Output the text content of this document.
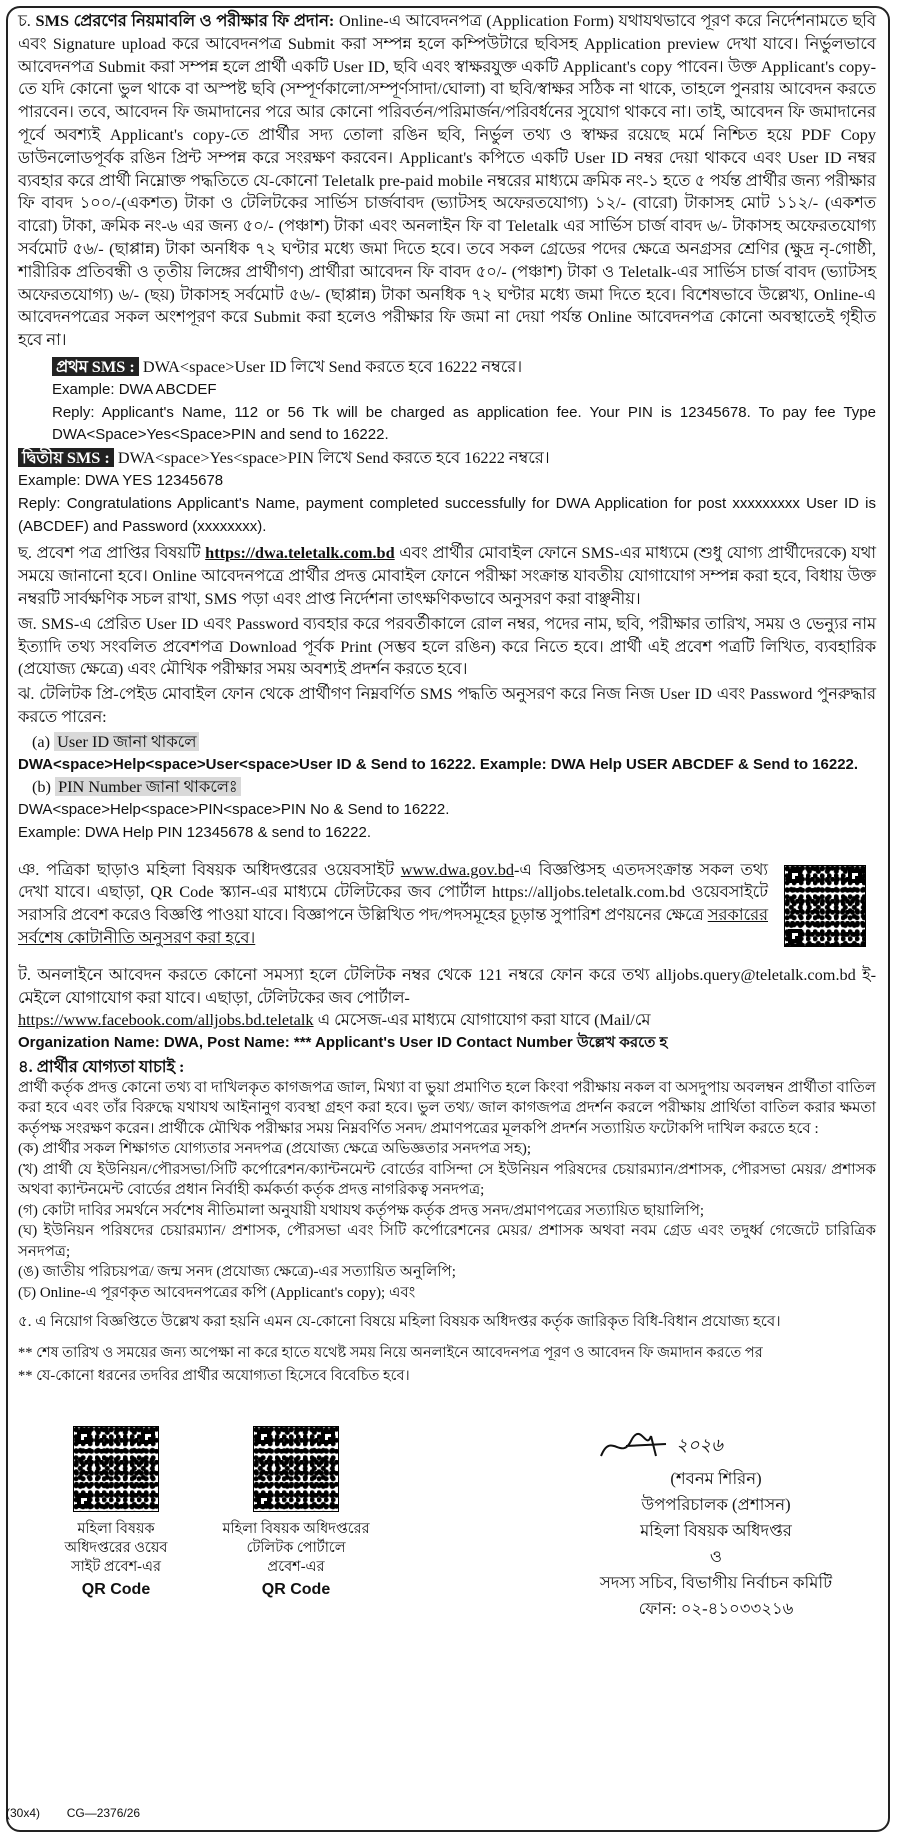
চ. SMS প্রেরণের নিয়মাবলি ও পরীক্ষার ফি প্রদান: Online-এ আবেদনপত্র (Application Form) যথাযথভাবে পূরণ করে নির্দেশনামতে ছবি এবং Signature upload করে আবেদনপত্র Submit করা সম্পন্ন হলে কম্পিউটারে ছবিসহ Application preview দেখা যাবে। নির্ভুলভাবে আবেদনপত্র Submit করা সম্পন্ন হলে প্রার্থী একটি User ID, ছবি এবং স্বাক্ষরযুক্ত একটি Applicant's copy পাবেন। উক্ত Applicant's copy-তে যদি কোনো ভুল থাকে বা অস্পষ্ট ছবি (সম্পূর্ণকালো/সম্পূর্ণসাদা/ঘোলা) বা ছবি/স্বাক্ষর সঠিক না থাকে, তাহলে পুনরায় আবেদন করতে পারবেন। তবে, আবেদন ফি জমাদানের পরে আর কোনো পরিবর্তন/পরিমার্জন/পরিবর্ধনের সুযোগ থাকবে না। তাই, আবেদন ফি জমাদানের পূর্বে অবশ্যই Applicant's copy-তে প্রার্থীর সদ্য তোলা রঙিন ছবি, নির্ভুল তথ্য ও স্বাক্ষর রয়েছে মর্মে নিশ্চিত হয়ে PDF Copy ডাউনলোডপূর্বক রঙিন প্রিন্ট সম্পন্ন করে সংরক্ষণ করবেন। Applicant's কপিতে একটি User ID নম্বর দেয়া থাকবে এবং User ID নম্বর ব্যবহার করে প্রার্থী নিম্নোক্ত পদ্ধতিতে যে-কোনো Teletalk pre-paid mobile নম্বরের মাধ্যমে ক্রমিক নং-১ হতে ৫ পর্যন্ত প্রার্থীর জন্য পরীক্ষার ফি বাবদ ১০০/-(একশত) টাকা ও টেলিটকের সার্ভিস চার্জবাবদ (ভ্যাটসহ অফেরতযোগ্য) ১২/- (বারো) টাকাসহ মোট ১১২/- (একশত বারো) টাকা, ক্রমিক নং-৬ এর জন্য ৫০/- (পঞ্চাশ) টাকা এবং অনলাইন ফি বা Teletalk এর সার্ভিস চার্জ বাবদ ৬/- টাকাসহ অফেরতযোগ্য সর্বমোট ৫৬/- (ছাপ্পান্ন) টাকা অনধিক ৭২ ঘণ্টার মধ্যে জমা দিতে হবে। তবে সকল গ্রেডের পদের ক্ষেত্রে অনগ্রসর শ্রেণির (ক্ষুদ্র নৃ-গোষ্ঠী, শারীরিক প্রতিবন্ধী ও তৃতীয় লিঙ্গের প্রার্থীগণ) প্রার্থীরা আবেদন ফি বাবদ ৫০/- (পঞ্চাশ) টাকা ও Teletalk-এর সার্ভিস চার্জ বাবদ (ভ্যাটসহ অফেরতযোগ্য) ৬/- (ছয়) টাকাসহ সর্বমোট ৫৬/- (ছাপ্পান্ন) টাকা অনধিক ৭২ ঘণ্টার মধ্যে জমা দিতে হবে। বিশেষভাবে উল্লেখ্য, Online-এ আবেদনপত্রের সকল অংশপূরণ করে Submit করা হলেও পরীক্ষার ফি জমা না দেয়া পর্যন্ত Online আবেদনপত্র কোনো অবস্থাতেই গৃহীত হবে না।

প্রথম SMS : DWA<space>User ID লিখে Send করতে হবে 16222 নম্বরে।

Example: DWA ABCDEF

Reply: Applicant's Name, 112 or 56 Tk will be charged as application fee. Your PIN is 12345678. To pay fee Type DWA<Space>Yes<Space>PIN and send to 16222.

দ্বিতীয় SMS : DWA<space>Yes<space>PIN লিখে Send করতে হবে 16222 নম্বরে।

Example: DWA YES 12345678

Reply: Congratulations Applicant's Name, payment completed successfully for DWA Application for post xxxxxxxxx User ID is (ABCDEF) and Password (xxxxxxxx).

ছ. প্রবেশ পত্র প্রাপ্তির বিষয়টি https://dwa.teletalk.com.bd এবং প্রার্থীর মোবাইল ফোনে SMS-এর মাধ্যমে (শুধু যোগ্য প্রার্থীদেরকে) যথা সময়ে জানানো হবে। Online আবেদনপত্রে প্রার্থীর প্রদত্ত মোবাইল ফোনে পরীক্ষা সংক্রান্ত যাবতীয় যোগাযোগ সম্পন্ন করা হবে, বিধায় উক্ত নম্বরটি সার্বক্ষণিক সচল রাখা, SMS পড়া এবং প্রাপ্ত নির্দেশনা তাৎক্ষণিকভাবে অনুসরণ করা বাঞ্ছনীয়।

জ. SMS-এ প্রেরিত User ID এবং Password ব্যবহার করে পরবর্তীকালে রোল নম্বর, পদের নাম, ছবি, পরীক্ষার তারিখ, সময় ও ভেন্যুর নাম ইত্যাদি তথ্য সংবলিত প্রবেশপত্র Download পূর্বক Print (সম্ভব হলে রঙিন) করে নিতে হবে। প্রার্থী এই প্রবেশ পত্রটি লিখিত, ব্যবহারিক (প্রযোজ্য ক্ষেত্রে) এবং মৌখিক পরীক্ষার সময় অবশ্যই প্রদর্শন করতে হবে।

ঝ. টেলিটক প্রি-পেইড মোবাইল ফোন থেকে প্রার্থীগণ নিম্নবর্ণিত SMS পদ্ধতি অনুসরণ করে নিজ নিজ User ID এবং Password পুনরুদ্ধার করতে পারেন:

(a) User ID জানা থাকলে

DWA<space>Help<space>User<space>User ID & Send to 16222. Example: DWA Help USER ABCDEF & Send to 16222.

(b) PIN Number জানা থাকলেঃ

DWA<space>Help<space>PIN<space>PIN No & Send to 16222.

Example: DWA Help PIN 12345678 & send to 16222.

ঞ. পত্রিকা ছাড়াও মহিলা বিষয়ক অধিদপ্তরের ওয়েবসাইট www.dwa.gov.bd-এ বিজ্ঞপ্তিসহ এতদসংক্রান্ত সকল তথ্য দেখা যাবে। এছাড়া, QR Code স্ক্যান-এর মাধ্যমে টেলিটকের জব পোর্টাল https://alljobs.teletalk.com.bd ওয়েবসাইটে সরাসরি প্রবেশ করেও বিজ্ঞপ্তি পাওয়া যাবে। বিজ্ঞাপনে উল্লিখিত পদ/পদসমূহের চূড়ান্ত সুপারিশ প্রণয়নের ক্ষেত্রে সরকারের সর্বশেষ কোটানীতি অনুসরণ করা হবে।

ট. অনলাইনে আবেদন করতে কোনো সমস্যা হলে টেলিটক নম্বর থেকে 121 নম্বরে ফোন করে তথ্য alljobs.query@teletalk.com.bd ই-মেইলে যোগাযোগ করা যাবে। এছাড়া, টেলিটকের জব পোর্টাল-

https://www.facebook.com/alljobs.bd.teletalk এ মেসেজ-এর মাধ্যমে যোগাযোগ করা যাবে (Mail/মে

Organization Name: DWA, Post Name: *** Applicant's User ID Contact Number উল্লেখ করতে হ

৪. প্রার্থীর যোগ্যতা যাচাই :

প্রার্থী কর্তৃক প্রদত্ত কোনো তথ্য বা দাখিলকৃত কাগজপত্র জাল, মিথ্যা বা ভুয়া প্রমাণিত হলে কিংবা পরীক্ষায় নকল বা অসদুপায় অবলম্বন প্রার্থীতা বাতিল করা হবে এবং তাঁর বিরুদ্ধে যথাযথ আইনানুগ ব্যবস্থা গ্রহণ করা হবে। ভুল তথ্য/ জাল কাগজপত্র প্রদর্শন করলে পরীক্ষায় প্রার্থিতা বাতিল করার ক্ষমতা কর্তৃপক্ষ সংরক্ষণ করেন। প্রার্থীকে মৌখিক পরীক্ষার সময় নিম্নবর্ণিত সনদ/ প্রমাণপত্রের মূলকপি প্রদর্শন সত্যায়িত ফটোকপি দাখিল করতে হবে :

(ক) প্রার্থীর সকল শিক্ষাগত যোগ্যতার সনদপত্র (প্রযোজ্য ক্ষেত্রে অভিজ্ঞতার সনদপত্র সহ);

(খ) প্রার্থী যে ইউনিয়ন/পৌরসভা/সিটি কর্পোরেশন/ক্যান্টনমেন্ট বোর্ডের বাসিন্দা সে ইউনিয়ন পরিষদের চেয়ারম্যান/প্রশাসক, পৌরসভা মেয়র/ প্রশাসক অথবা ক্যান্টনমেন্ট বোর্ডের প্রধান নির্বাহী কর্মকর্তা কর্তৃক প্রদত্ত নাগরিকত্ব সনদপত্র;

(গ) কোটা দাবির সমর্থনে সর্বশেষ নীতিমালা অনুযায়ী যথাযথ কর্তৃপক্ষ কর্তৃক প্রদত্ত সনদ/প্রমাণপত্রের সত্যায়িত ছায়ালিপি;

(ঘ) ইউনিয়ন পরিষদের চেয়ারম্যান/ প্রশাসক, পৌরসভা এবং সিটি কর্পোরেশনের মেয়র/ প্রশাসক অথবা নবম গ্রেড এবং তদুর্ধ্ব গেজেটে চারিত্রিক সনদপত্র;

(ঙ) জাতীয় পরিচয়পত্র/ জন্ম সনদ (প্রযোজ্য ক্ষেত্রে)-এর সত্যায়িত অনুলিপি;

(চ) Online-এ পূরণকৃত আবেদনপত্রের কপি (Applicant's copy); এবং

৫. এ নিয়োগ বিজ্ঞপ্তিতে উল্লেখ করা হয়নি এমন যে-কোনো বিষয়ে মহিলা বিষয়ক অধিদপ্তর কর্তৃক জারিকৃত বিধি-বিধান প্রযোজ্য হবে।

** শেষ তারিখ ও সময়ের জন্য অপেক্ষা না করে হাতে যথেষ্ট সময় নিয়ে অনলাইনে আবেদনপত্র পূরণ ও আবেদন ফি জমাদান করতে পর

** যে-কোনো ধরনের তদবির প্রার্থীর অযোগ্যতা হিসেবে বিবেচিত হবে।

মহিলা বিষয়ক
অধিদপ্তরের ওয়েব
সাইট প্রবেশ-এর
QR Code
মহিলা বিষয়ক অধিদপ্তরের
টেলিটক পোর্টালে
প্রবেশ-এর
QR Code
২০২৬
(শবনম শিরিন)
উপপরিচালক (প্রশাসন)
মহিলা বিষয়ক অধিদপ্তর
ও
সদস্য সচিব, বিভাগীয় নির্বাচন কমিটি
ফোন: ০২-৪১০৩৩২১৬
(30x4) CG—2376/26
